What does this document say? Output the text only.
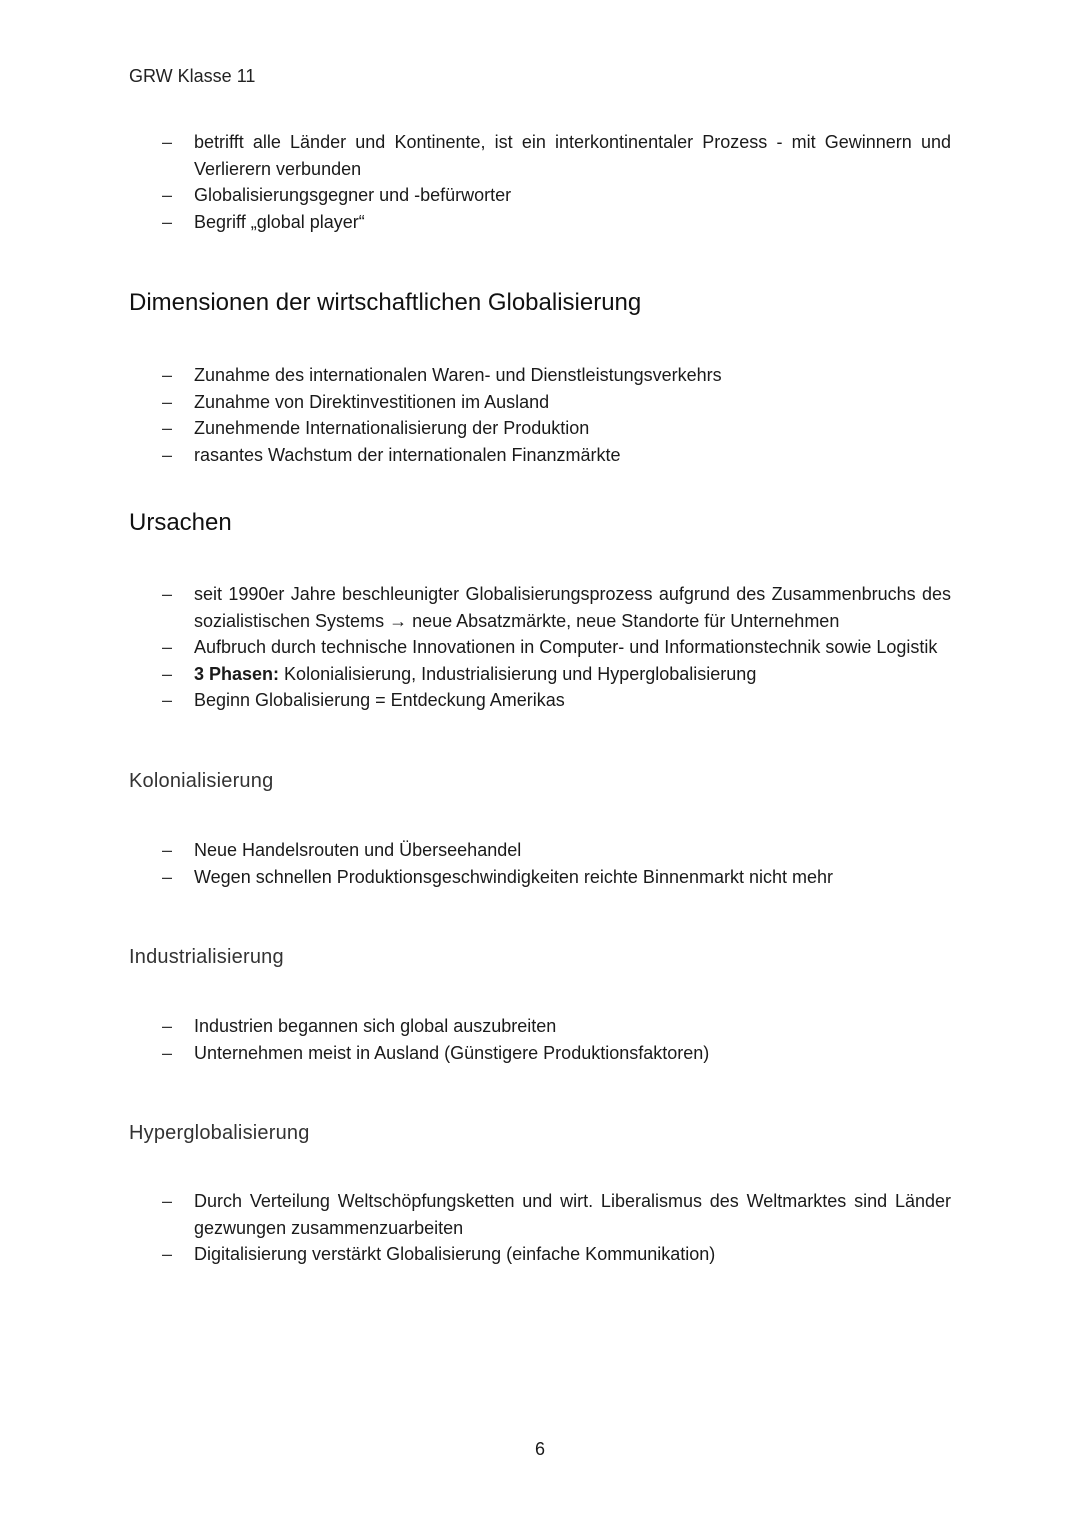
GRW Klasse 11
– betrifft alle Länder und Kontinente, ist ein interkontinentaler Prozess - mit Gewinnern und Verlierern verbunden
– Globalisierungsgegner und -befürworter
– Begriff „global player“
Dimensionen der wirtschaftlichen Globalisierung
– Zunahme des internationalen Waren- und Dienstleistungsverkehrs
– Zunahme von Direktinvestitionen im Ausland
– Zunehmende Internationalisierung der Produktion
– rasantes Wachstum der internationalen Finanzmärkte
Ursachen
– seit 1990er Jahre beschleunigter Globalisierungsprozess aufgrund des Zusammenbruchs des sozialistischen Systems → neue Absatzmärkte, neue Standorte für Unternehmen
– Aufbruch durch technische Innovationen in Computer- und Informationstechnik sowie Logistik
– 3 Phasen: Kolonialisierung, Industrialisierung und Hyperglobalisierung
– Beginn Globalisierung = Entdeckung Amerikas
Kolonialisierung
– Neue Handelsrouten und Überseehandel
– Wegen schnellen Produktionsgeschwindigkeiten reichte Binnenmarkt nicht mehr
Industrialisierung
– Industrien begannen sich global auszubreiten
– Unternehmen meist in Ausland (Günstigere Produktionsfaktoren)
Hyperglobalisierung
– Durch Verteilung Weltschöpfungsketten und wirt. Liberalismus des Weltmarktes sind Länder gezwungen zusammenzuarbeiten
– Digitalisierung verstärkt Globalisierung (einfache Kommunikation)
6
